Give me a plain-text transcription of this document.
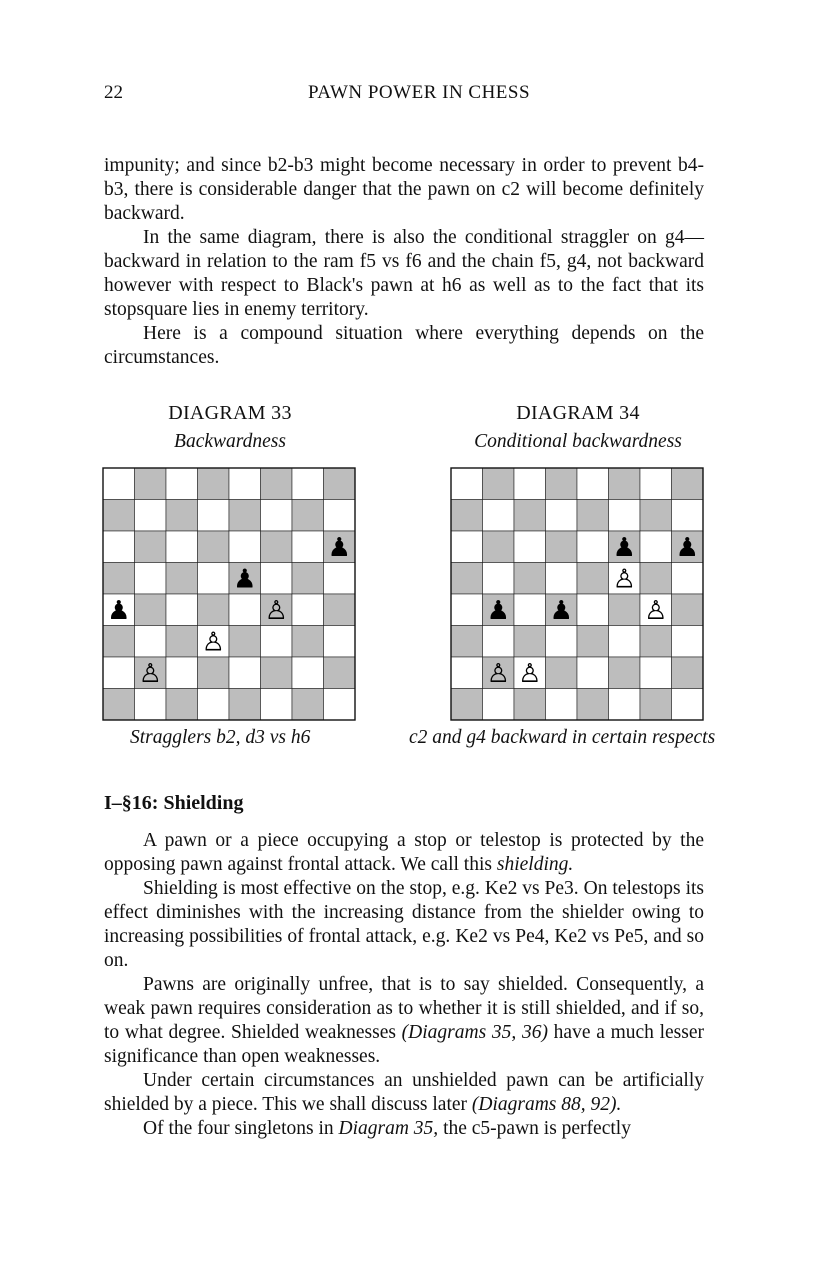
22	PAWN POWER IN CHESS

impunity; and since b2-b3 might become necessary in order to prevent b4-b3, there is considerable danger that the pawn on c2 will become definitely backward.

In the same diagram, there is also the conditional straggler on g4—backward in relation to the ram f5 vs f6 and the chain f5, g4, not backward however with respect to Black's pawn at h6 as well as to the fact that its stopsquare lies in enemy territory.

Here is a compound situation where everything depends on the circumstances.

DIAGRAM 33
Backwardness
♙
♙
♙
♟
♟
♟
Stragglers b2, d3 vs h6
DIAGRAM 34
Conditional backwardness
♙ ♙
♙
♙
♟ ♟
♟ ♟
c2 and g4 backward in certain respects
I–§16: Shielding

A pawn or a piece occupying a stop or telestop is protected by the opposing pawn against frontal attack. We call this shielding.

Shielding is most effective on the stop, e.g. Ke2 vs Pe3. On telestops its effect diminishes with the increasing distance from the shielder owing to increasing possibilities of frontal attack, e.g. Ke2 vs Pe4, Ke2 vs Pe5, and so on.

Pawns are originally unfree, that is to say shielded. Consequently, a weak pawn requires consideration as to whether it is still shielded, and if so, to what degree. Shielded weaknesses (Diagrams 35, 36) have a much lesser significance than open weaknesses.

Under certain circumstances an unshielded pawn can be artificially shielded by a piece. This we shall discuss later (Diagrams 88, 92).

Of the four singletons in Diagram 35, the c5-pawn is perfectly
